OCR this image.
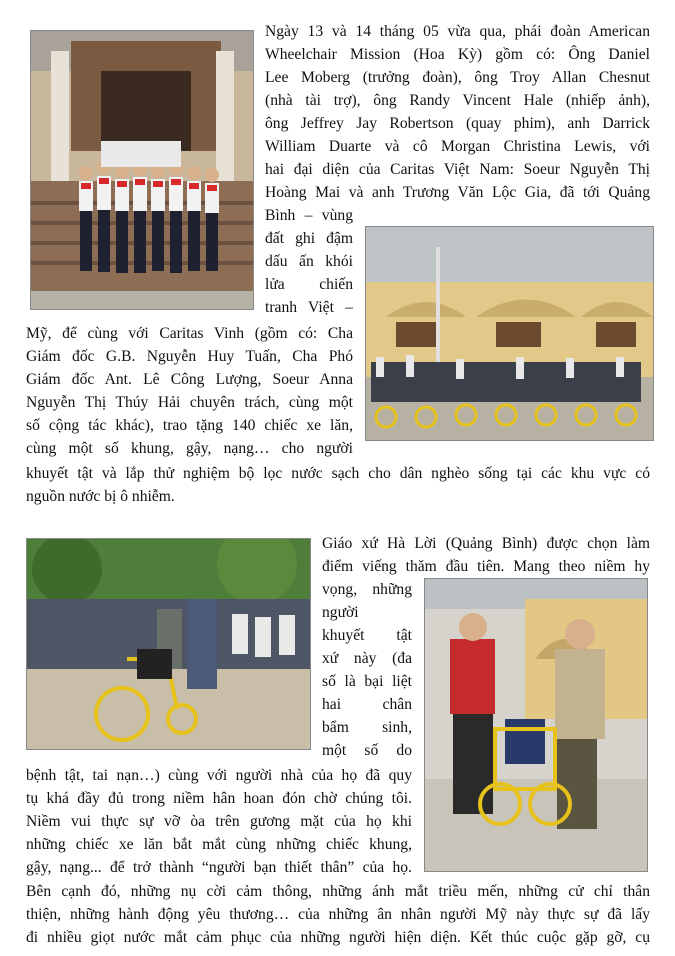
Ngày 13 và 14 tháng 05 vừa qua, phái đoàn American
Wheelchair Mission (Hoa Kỳ) gồm có: Ông Daniel
Lee Moberg (trưởng đoàn), ông Troy Allan Chesnut
(nhà tài trợ), ông Randy Vincent Hale (nhiếp ảnh),
ông Jeffrey Jay Robertson (quay phim), anh Darrick
William Duarte và cô Morgan Christina Lewis, với
hai đại diện của Caritas Việt Nam: Soeur Nguyễn Thị
Hoàng Mai và anh Trương Văn Lộc Gia, đã tới Quảng
Bình – vùng
đất ghi đậm
dấu ấn khói
lửa chiến
tranh Việt –
Mỹ, để cùng với Caritas Vinh (gồm có: Cha
Giám đốc G.B. Nguyễn Huy Tuấn, Cha Phó
Giám đốc Ant. Lê Công Lượng, Soeur Anna
Nguyễn Thị Thúy Hải chuyên trách, cùng một
số cộng tác khác), trao tặng 140 chiếc xe lăn,
cùng một số khung, gậy, nạng… cho người
khuyết tật và lắp thử nghiệm bộ lọc nước sạch cho dân nghèo sống tại các khu vực có
nguồn nước bị ô nhiễm.
Giáo xứ Hà Lời (Quảng Bình) được chọn làm
điểm viếng thăm đầu tiên. Mang theo niềm hy
vọng, những
người
khuyết tật
xứ này (đa
số là bại liệt
hai chân
bẩm sinh,
một số do
bệnh tật, tai nạn…) cùng với người nhà của họ đã quy
tụ khá đầy đủ trong niềm hân hoan đón chờ chúng tôi.
Niềm vui thực sự vỡ òa trên gương mặt của họ khi
những chiếc xe lăn bắt mắt cùng những chiếc khung,
gậy, nạng... để trở thành “người bạn thiết thân” của họ.
Bên cạnh đó, những nụ cời cảm thông, những ánh mắt triều mến, những cử chỉ thân
thiện, những hành động yêu thương… của những ân nhân người Mỹ này thực sự đã lấy
đi nhiều giọt nước mắt cảm phục của những người hiện diện. Kết thúc cuộc gặp gỡ, cụ
